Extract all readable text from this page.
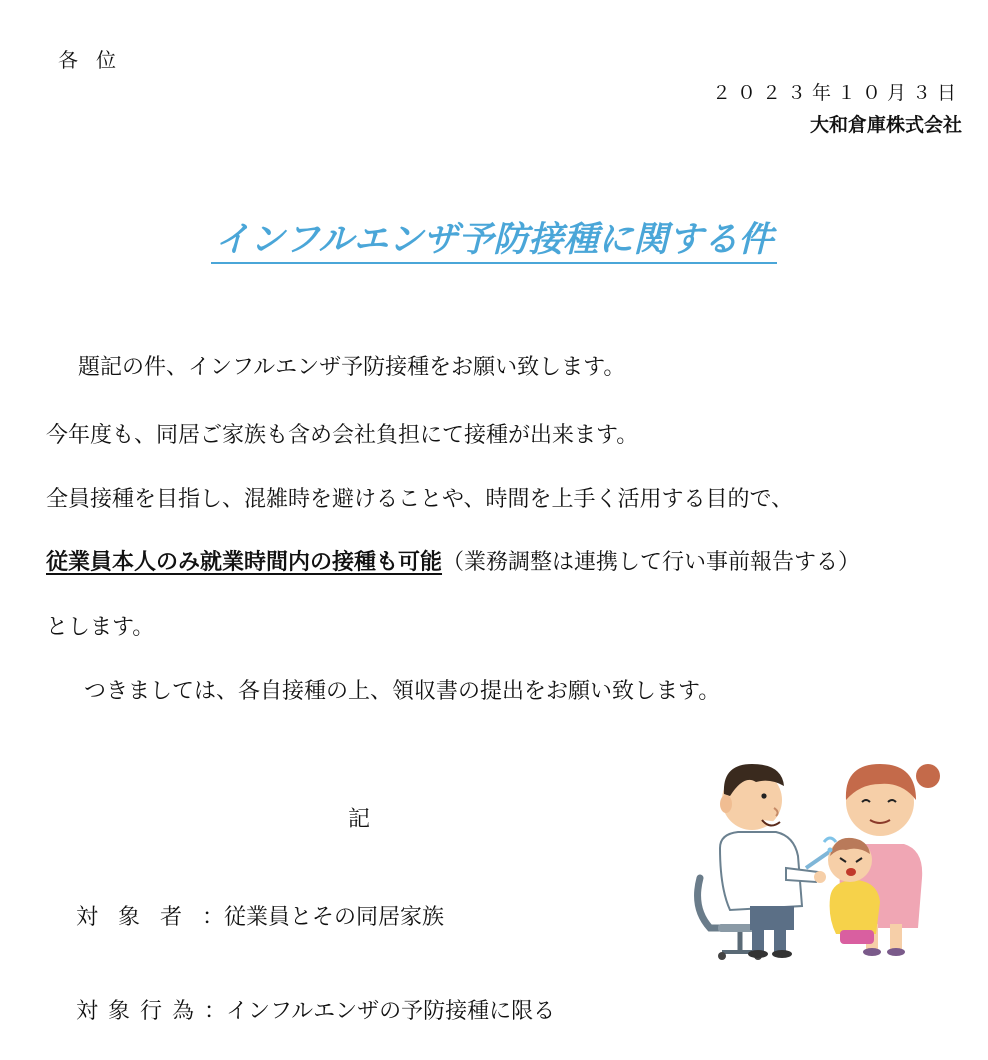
各位
２０２３年１０月３日
大和倉庫株式会社
インフルエンザ予防接種に関する件
題記の件、インフルエンザ予防接種をお願い致します。
今年度も、同居ご家族も含め会社負担にて接種が出来ます。
全員接種を目指し、混雑時を避けることや、時間を上手く活用する目的で、
従業員本人のみ就業時間内の接種も可能（業務調整は連携して行い事前報告する）
とします。
つきましては、各自接種の上、領収書の提出をお願い致します。
記
対象者：従業員とその同居家族
対象行為：インフルエンザの予防接種に限る
